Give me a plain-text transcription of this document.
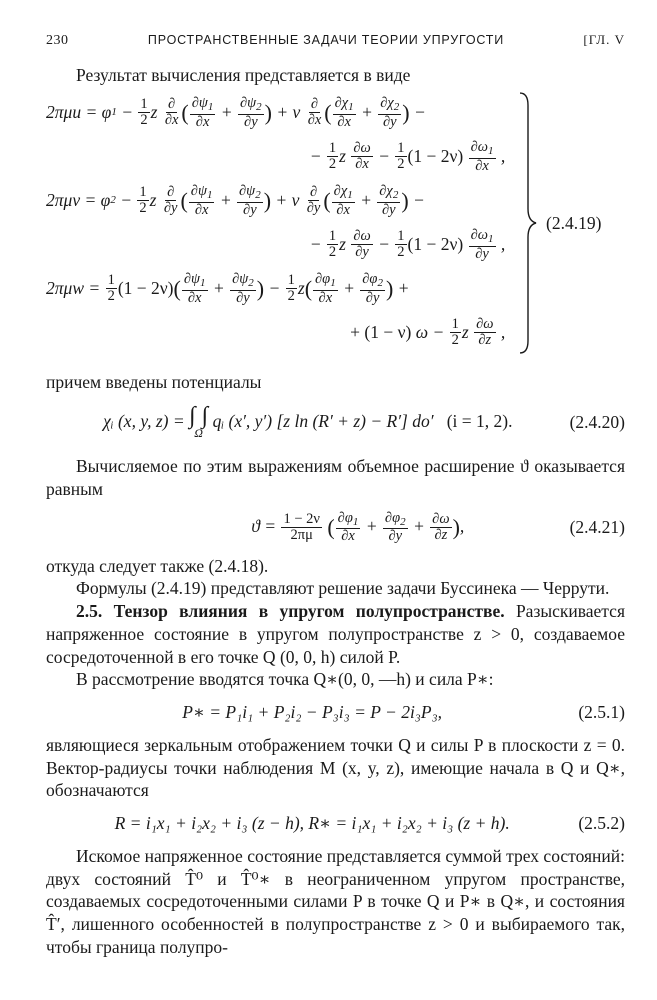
230	ПРОСТРАНСТВЕННЫЕ ЗАДАЧИ ТЕОРИИ УПРУГОСТИ	[ГЛ. V

Результат вычисления представляется в виде

2πμ u = φ $1 - \frac{1}{2}$ z
$\frac{\partial}{\partial x}$ ( $\frac{\partial\psi_1}{\partial x} + \frac{\partial\psi_2}{\partial y}$ ) + ν $\frac{\partial}{\partial x}$ ( $\frac{\partial\chi_1}{\partial x} + \frac{\partial\chi_2}{\partial y}$ ) −
− $\frac{1}{2}$ z
$\frac{\partial\omega}{\partial x} - \frac{1}{2} (1 - 2\nu)$
$\frac{\partial\omega_1}{\partial x}$ ,
2πμ v = φ $2 - \frac{1}{2}$ z
$\frac{\partial}{\partial y}$ ( $\frac{\partial\psi_1}{\partial x} + \frac{\partial\psi_2}{\partial y}$ ) + ν $\frac{\partial}{\partial y}$ ( $\frac{\partial\chi_1}{\partial x} + \frac{\partial\chi_2}{\partial y}$ ) −
− $\frac{1}{2}$ z
$\frac{\partial\omega}{\partial y} - \frac{1}{2} (1 - 2\nu)$
$\frac{\partial\omega_1}{\partial y}$ ,
2πμ $w = \frac{1}{2} (1 - 2\nu)$ ( $\frac{\partial\psi_1}{\partial x} + \frac{\partial\psi_2}{\partial y}$ ) − $\frac{1}{2}$ z ( $\frac{\partial\varphi_1}{\partial x} + \frac{\partial\varphi_2}{\partial y}$ ) +
+ (1 − ν) $\omega - \frac{1}{2}$ z
$\frac{\partial\omega}{\partial z}$ ,
(2.4.19)

причем введены потенциалы

χᵢ (x, y, z) = ∫ ∫
Ω
qᵢ (x′, y′) [z ln (R′ + z) − R′] do′ (i = 1, 2).	(2.4.20)

Вычисляемое по этим выражениям объемное расширение ϑ оказывается равным

$ϑ = \frac{1 - 2\nu}{2\pi\mu}$ ( $\frac{\partial\varphi_1}{\partial x} + \frac{\partial\varphi_2}{\partial y} + \frac{\partial\omega}{\partial z}$ ),	(2.4.21)

откуда следует также (2.4.18).

Формулы (2.4.19) представляют решение задачи Буссинека — Черрути.

2.5. Тензор влияния в упругом полупространстве. Разыскивается напряженное состояние в упругом полупространстве z > 0, создаваемое сосредоточенной в его точке Q (0, 0, h) силой P.

В рассмотрение вводятся точка Q∗(0, 0, —h) и сила P∗:

P∗ = P₁i₁ + P₂i₂ − P₃i₃ = P − 2i₃P₃,	(2.5.1)

являющиеся зеркальным отображением точки Q и силы P в плоскости z = 0. Вектор-радиусы точки наблюдения M (x, y, z), имеющие начала в Q и Q∗, обозначаются

R = i₁x₁ + i₂x₂ + i₃ (z − h), R∗ = i₁x₁ + i₂x₂ + i₃ (z + h).	(2.5.2)

Искомое напряженное состояние представляется суммой трех состояний: двух состояний T̂⁰ и T̂⁰∗ в неограниченном упругом пространстве, создаваемых сосредоточенными силами P в точке Q и P∗ в Q∗, и состояния T̂′, лишенного особенностей в полупространстве z > 0 и выбираемого так, чтобы граница полупро-
